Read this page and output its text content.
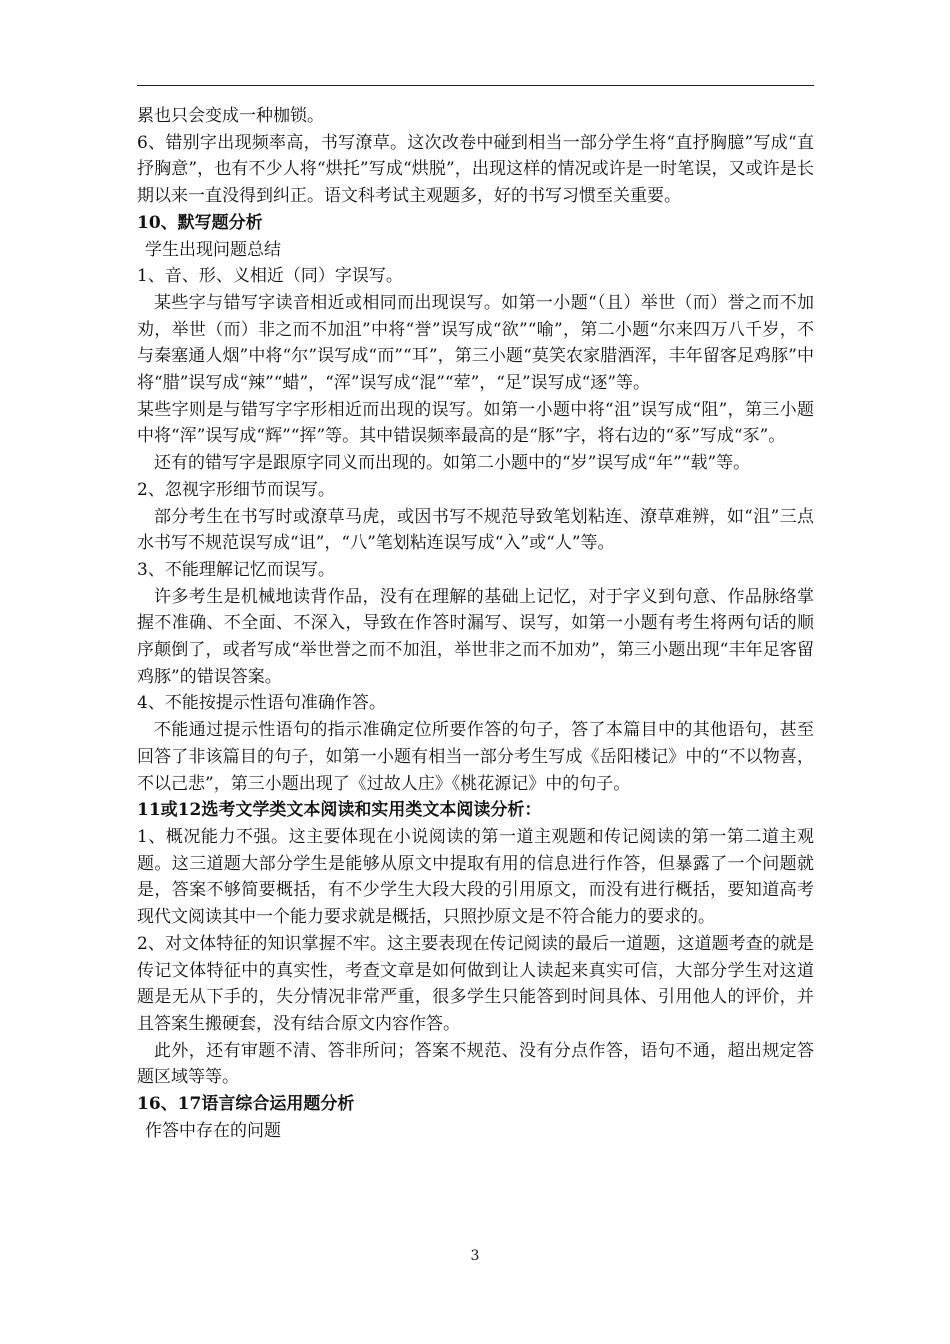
累也只会变成一种枷锁。

6、错别字出现频率高，书写潦草。这次改卷中碰到相当一部分学生将“直抒胸臆”写成“直抒胸意”，也有不少人将“烘托”写成“烘脱”，出现这样的情况或许是一时笔误，又或许是长期以来一直没得到纠正。语文科考试主观题多，好的书写习惯至关重要。

10、默写题分析

学生出现问题总结

1、音、形、义相近（同）字误写。

某些字与错写字读音相近或相同而出现误写。如第一小题“（且）举世（而）誉之而不加劝，举世（而）非之而不加沮”中将“誉”误写成“欲”“喻”，第二小题“尔来四万八千岁，不与秦塞通人烟”中将“尔”误写成“而”“耳”，第三小题“莫笑农家腊酒浑，丰年留客足鸡豚”中将“腊”误写成“辣”“蜡”，“浑”误写成“混”“荤”，“足”误写成“逐”等。

某些字则是与错写字字形相近而出现的误写。如第一小题中将“沮”误写成“阻”，第三小题中将“浑”误写成“辉”“挥”等。其中错误频率最高的是“豚”字，将右边的“豖”写成“豕”。

还有的错写字是跟原字同义而出现的。如第二小题中的“岁”误写成“年”“载”等。

2、忽视字形细节而误写。

部分考生在书写时或潦草马虎，或因书写不规范导致笔划粘连、潦草难辨，如“沮”三点水书写不规范误写成“诅”，“八”笔划粘连误写成“入”或“人”等。

3、不能理解记忆而误写。

许多考生是机械地读背作品，没有在理解的基础上记忆，对于字义到句意、作品脉络掌握不准确、不全面、不深入，导致在作答时漏写、误写，如第一小题有考生将两句话的顺序颠倒了，或者写成“举世誉之而不加沮，举世非之而不加劝”，第三小题出现“丰年足客留鸡豚”的错误答案。

4、不能按提示性语句准确作答。

不能通过提示性语句的指示准确定位所要作答的句子，答了本篇目中的其他语句，甚至回答了非该篇目的句子，如第一小题有相当一部分考生写成《岳阳楼记》中的“不以物喜，不以己悲”，第三小题出现了《过故人庄》《桃花源记》中的句子。

11或12选考文学类文本阅读和实用类文本阅读分析：

1、概况能力不强。这主要体现在小说阅读的第一道主观题和传记阅读的第一第二道主观题。这三道题大部分学生是能够从原文中提取有用的信息进行作答，但暴露了一个问题就是，答案不够简要概括，有不少学生大段大段的引用原文，而没有进行概括，要知道高考现代文阅读其中一个能力要求就是概括，只照抄原文是不符合能力的要求的。

2、对文体特征的知识掌握不牢。这主要表现在传记阅读的最后一道题，这道题考查的就是传记文体特征中的真实性，考查文章是如何做到让人读起来真实可信，大部分学生对这道题是无从下手的，失分情况非常严重，很多学生只能答到时间具体、引用他人的评价，并且答案生搬硬套，没有结合原文内容作答。

此外，还有审题不清、答非所问；答案不规范、没有分点作答，语句不通，超出规定答题区域等等。

16、17语言综合运用题分析

作答中存在的问题

3
